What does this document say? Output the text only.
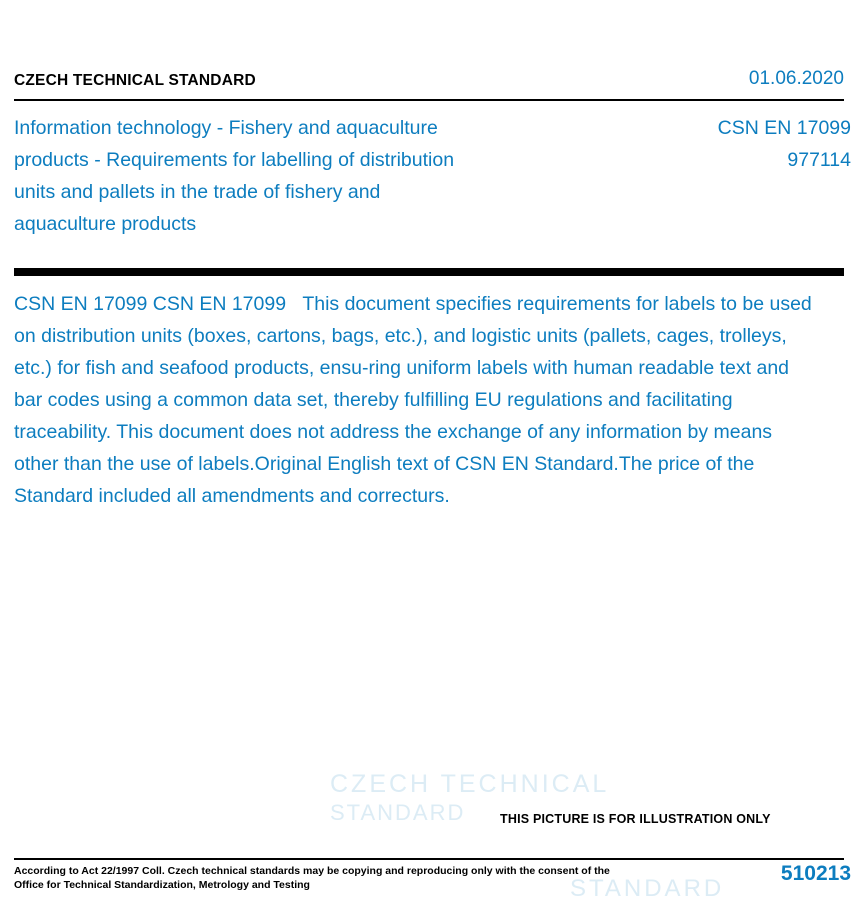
CZECH TECHNICAL STANDARD	01.06.2020
Information technology - Fishery and aquaculture
products - Requirements for labelling of distribution
units and pallets in the trade of fishery and
aquaculture products
CSN EN 17099
977114
CSN EN 17099 CSN EN 17099 This document specifies requirements for labels to be used on distribution units (boxes, cartons, bags, etc.), and logistic units (pallets, cages, trolleys, etc.) for fish and seafood products, ensu-ring uniform labels with human readable text and bar codes using a common data set, thereby fulfilling EU regulations and facilitating traceability. This document does not address the exchange of any information by means other than the use of labels.Original English text of CSN EN Standard.The price of the Standard included all amendments and correcturs.
CZECH TECHNICAL
STANDARD
STANDARD
THIS PICTURE IS FOR ILLUSTRATION ONLY
According to Act 22/1997 Coll. Czech technical standards may be copying and reproducing only with the consent of the Office for Technical Standardization, Metrology and Testing	510213
